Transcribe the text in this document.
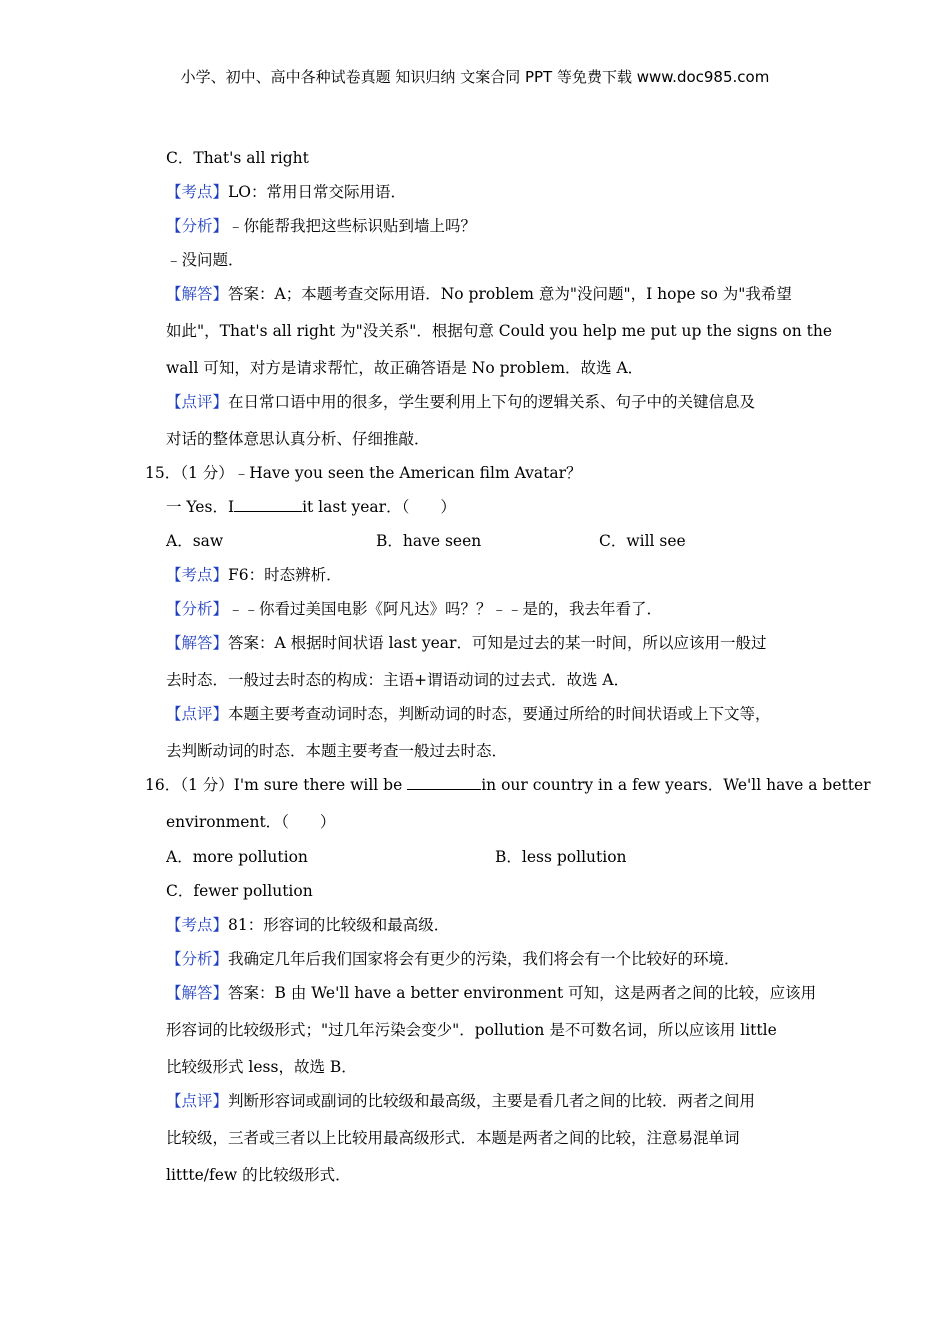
小学、初中、高中各种试卷真题 知识归纳 文案合同 PPT 等免费下载 www.doc985.com
C．That's all right
【考点】LO：常用日常交际用语．
【分析】﹣你能帮我把这些标识贴到墙上吗？
﹣没问题．
【解答】答案：A；本题考查交际用语．No problem 意为"没问题"，I hope so 为"我希望
如此"，That's all right 为"没关系"．根据句意 Could you help me put up the signs on the
wall 可知，对方是请求帮忙，故正确答语是 No problem．故选 A．
【点评】在日常口语中用的很多，学生要利用上下句的逻辑关系、句子中的关键信息及
对话的整体意思认真分析、仔细推敲．
15．（1 分）﹣Have you seen the American film Avatar？
一 Yes．I	it last year．（　　）
A．saw	B．have seen	C．will see
【考点】F6：时态辨析．
【分析】﹣﹣你看过美国电影《阿凡达》吗？？﹣﹣是的，我去年看了．
【解答】答案：A 根据时间状语 last year．可知是过去的某一时间，所以应该用一般过
去时态．一般过去时态的构成：主语+谓语动词的过去式．故选 A．
【点评】本题主要考查动词时态，判断动词的时态，要通过所给的时间状语或上下文等，
去判断动词的时态．本题主要考查一般过去时态．
16．（1 分）I'm sure there will be	in our country in a few years．We'll have a better
environment．（　　）
A．more pollution	B．less pollution
C．fewer pollution
【考点】81：形容词的比较级和最高级．
【分析】我确定几年后我们国家将会有更少的污染，我们将会有一个比较好的环境．
【解答】答案：B 由 We'll have a better environment 可知，这是两者之间的比较，应该用
形容词的比较级形式；"过几年污染会变少"．pollution 是不可数名词，所以应该用 little
比较级形式 less，故选 B．
【点评】判断形容词或副词的比较级和最高级，主要是看几者之间的比较．两者之间用
比较级，三者或三者以上比较用最高级形式．本题是两者之间的比较，注意易混单词
littte/few 的比较级形式．
